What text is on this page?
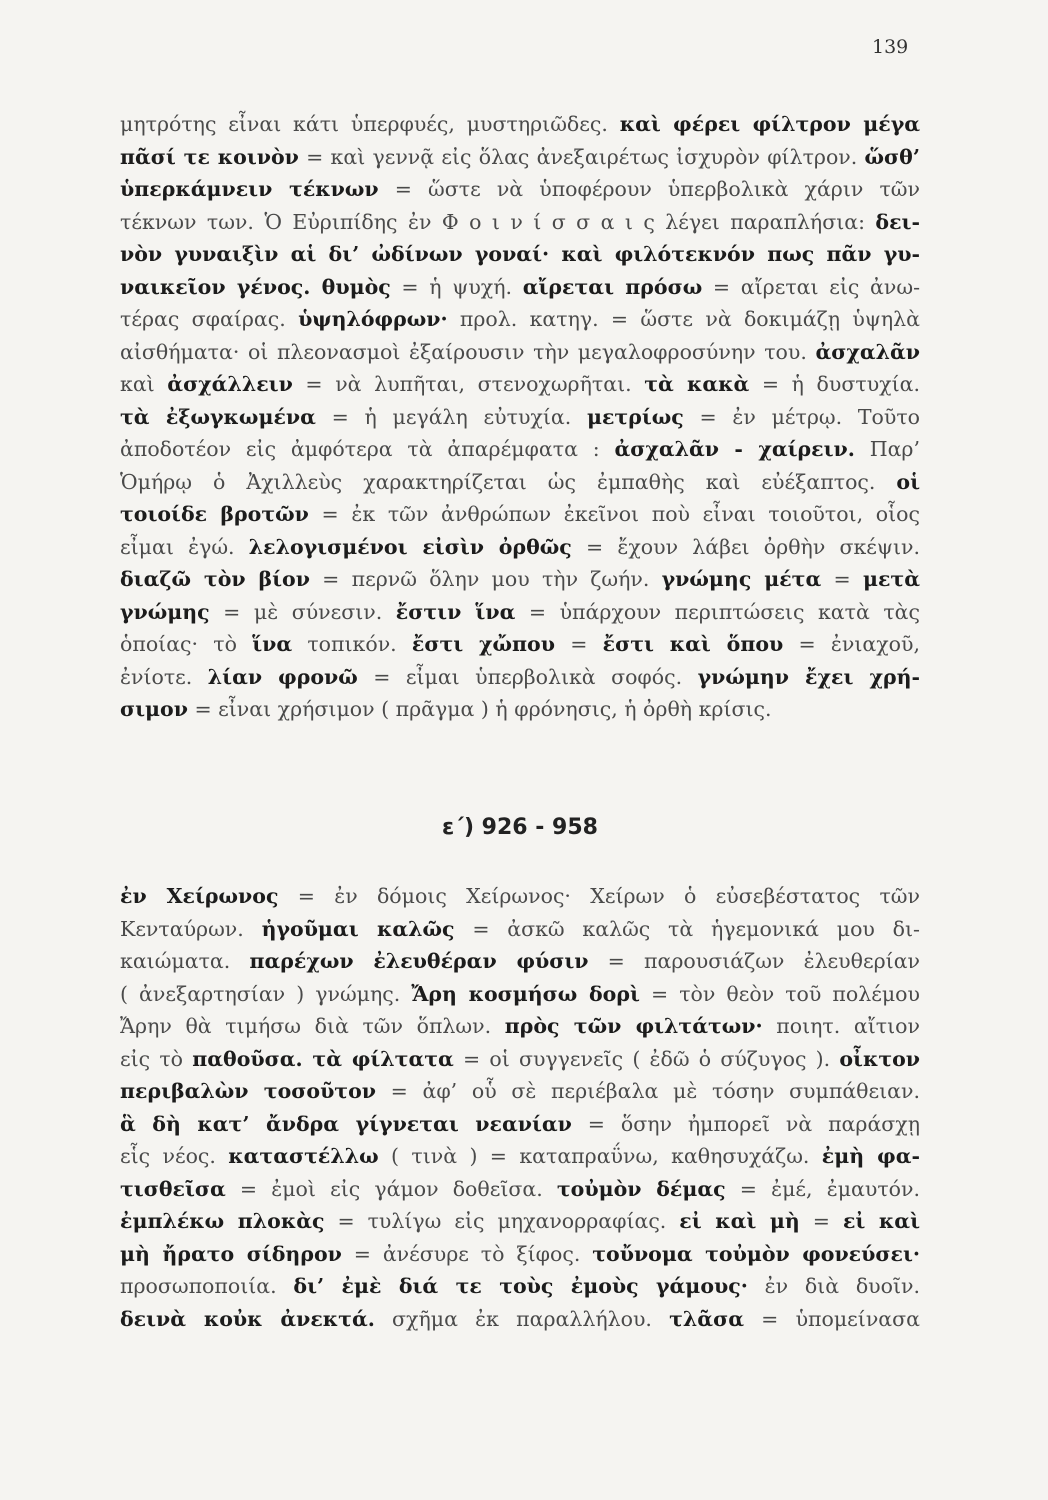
139
μητρότης εἶναι κάτι ὑπερφυές, μυστηριῶδες. καὶ φέρει φίλτρον μέγα
πᾶσί τε κοινὸν = καὶ γεννᾷ εἰς ὅλας ἀνεξαιρέτως ἰσχυρὸν φίλτρον. ὥσθ’
ὑπερκάμνειν τέκνων = ὥστε νὰ ὑποφέρουν ὑπερβολικὰ χάριν τῶν
τέκνων των. Ὁ Εὐριπίδης ἐν Φ ο ι ν ί σ σ α ι ς λέγει παραπλήσια: δει-
νὸν γυναιξὶν αἱ δι’ ὠδίνων γοναί· καὶ φιλότεκνόν πως πᾶν γυ-
ναικεῖον γένος. θυμὸς = ἡ ψυχή. αἴρεται πρόσω = αἴρεται εἰς ἀνω-
τέρας σφαίρας. ὑψηλόφρων· προλ. κατηγ. = ὥστε νὰ δοκιμάζῃ ὑψηλὰ
αἰσθήματα· οἱ πλεονασμοὶ ἐξαίρουσιν τὴν μεγαλοφροσύνην του. ἀσχαλᾶν
καὶ ἀσχάλλειν = νὰ λυπῆται, στενοχωρῆται. τὰ κακὰ = ἡ δυστυχία.
τὰ ἐξωγκωμένα = ἡ μεγάλη εὐτυχία. μετρίως = ἐν μέτρῳ. Τοῦτο
ἀποδοτέον εἰς ἀμφότερα τὰ ἀπαρέμφατα : ἀσχαλᾶν - χαίρειν. Παρ’
Ὁμήρῳ ὁ Ἀχιλλεὺς χαρακτηρίζεται ὡς ἐμπαθὴς καὶ εὐέξαπτος. οἱ
τοιοίδε βροτῶν = ἐκ τῶν ἀνθρώπων ἐκεῖνοι ποὺ εἶναι τοιοῦτοι, οἷος
εἶμαι ἐγώ. λελογισμένοι εἰσὶν ὀρθῶς = ἔχουν λάβει ὀρθὴν σκέψιν.
διαζῶ τὸν βίον = περνῶ ὅλην μου τὴν ζωήν. γνώμης μέτα = μετὰ
γνώμης = μὲ σύνεσιν. ἔστιν ἵνα = ὑπάρχουν περιπτώσεις κατὰ τὰς
ὁποίας· τὸ ἵνα τοπικόν. ἔστι χὤπου = ἔστι καὶ ὅπου = ἐνιαχοῦ,
ἐνίοτε. λίαν φρονῶ = εἶμαι ὑπερβολικὰ σοφός. γνώμην ἔχει χρή-
σιμον = εἶναι χρήσιμον ( πρᾶγμα ) ἡ φρόνησις, ἡ ὀρθὴ κρίσις.
ε΄) 926 - 958
ἐν Χείρωνος = ἐν δόμοις Χείρωνος· Χείρων ὁ εὐσεβέστατος τῶν
Κενταύρων. ἡγοῦμαι καλῶς = ἀσκῶ καλῶς τὰ ἡγεμονικά μου δι-
καιώματα. παρέχων ἐλευθέραν φύσιν = παρουσιάζων ἐλευθερίαν
( ἀνεξαρτησίαν ) γνώμης. Ἄρη κοσμήσω δορὶ = τὸν θεὸν τοῦ πολέμου
Ἄρην θὰ τιμήσω διὰ τῶν ὅπλων. πρὸς τῶν φιλτάτων· ποιητ. αἴτιον
εἰς τὸ παθοῦσα. τὰ φίλτατα = οἱ συγγενεῖς ( ἐδῶ ὁ σύζυγος ). οἶκτον
περιβαλὼν τοσοῦτον = ἀφ’ οὗ σὲ περιέβαλα μὲ τόσην συμπάθειαν.
ἃ δὴ κατ’ ἄνδρα γίγνεται νεανίαν = ὅσην ἠμπορεῖ νὰ παράσχῃ
εἷς νέος. καταστέλλω ( τινὰ ) = καταπραΰνω, καθησυχάζω. ἐμὴ φα-
τισθεῖσα = ἐμοὶ εἰς γάμον δοθεῖσα. τοὐμὸν δέμας = ἐμέ, ἐμαυτόν.
ἐμπλέκω πλοκὰς = τυλίγω εἰς μηχανορραφίας. εἰ καὶ μὴ = εἰ καὶ
μὴ ἤρατο σίδηρον = ἀνέσυρε τὸ ξίφος. τοὔνομα τοὐμὸν φονεύσει·
προσωποποιία. δι’ ἐμὲ διά τε τοὺς ἐμοὺς γάμους· ἐν διὰ δυοῖν.
δεινὰ κοὐκ ἀνεκτά. σχῆμα ἐκ παραλλήλου. τλᾶσα = ὑπομείνασα
